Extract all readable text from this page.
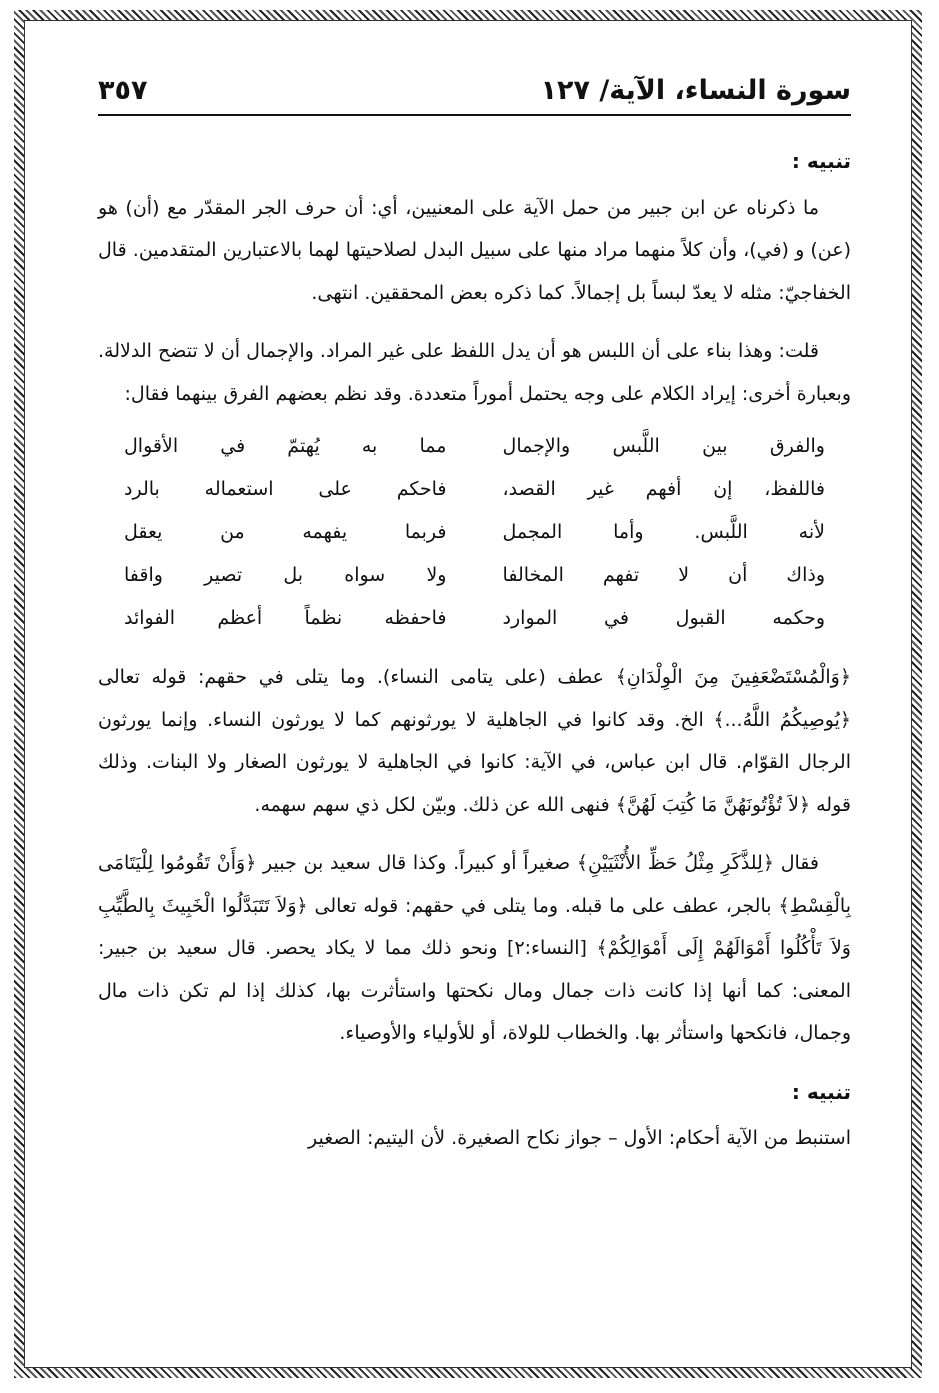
سورة النساء، الآية/ ١٢٧
٣٥٧

تنبيه :

ما ذكرناه عن ابن جبير من حمل الآية على المعنيين، أي: أن حرف الجر المقدّر مع (أن) هو (عن) و (في)، وأن كلاً منهما مراد منها على سبيل البدل لصلاحيتها لهما بالاعتبارين المتقدمين. قال الخفاجيّ: مثله لا يعدّ لبساً بل إجمالاً. كما ذكره بعض المحققين. انتهى.

قلت: وهذا بناء على أن اللبس هو أن يدل اللفظ على غير المراد. والإجمال أن لا تتضح الدلالة. وبعبارة أخرى: إيراد الكلام على وجه يحتمل أموراً متعددة. وقد نظم بعضهم الفرق بينهما فقال:

والفرق بين اللَّبس والإجمال
مما به يُهتمّ في الأقوال
فاللفظ، إن أفهم غير القصد،
فاحكم على استعماله بالرد
لأنه اللَّبس. وأما المجمل
فربما يفهمه من يعقل
وذاك أن لا تفهم المخالفا
ولا سواه بل تصير واقفا
وحكمه القبول في الموارد
فاحفظه نظماً أعظم الفوائد

﴿وَالْمُسْتَضْعَفِينَ مِنَ الْوِلْدَانِ﴾ عطف (على يتامى النساء). وما يتلى في حقهم: قوله تعالى ﴿يُوصِيكُمُ اللَّهُ...﴾ الخ. وقد كانوا في الجاهلية لا يورثونهم كما لا يورثون النساء. وإنما يورثون الرجال القوّام. قال ابن عباس، في الآية: كانوا في الجاهلية لا يورثون الصغار ولا البنات. وذلك قوله ﴿لاَ تُؤْتُونَهُنَّ مَا كُتِبَ لَهُنَّ﴾ فنهى الله عن ذلك. وبيّن لكل ذي سهم سهمه.

فقال ﴿لِلذَّكَرِ مِثْلُ حَظِّ الأُنْثَيَيْنِ﴾ صغيراً أو كبيراً. وكذا قال سعيد بن جبير ﴿وَأَنْ تَقُومُوا لِلْيَتَامَى بِالْقِسْطِ﴾ بالجر، عطف على ما قبله. وما يتلى في حقهم: قوله تعالى ﴿وَلاَ تَتَبَدَّلُوا الْخَبِيثَ بِالطَّيِّبِ وَلاَ تَأْكُلُوا أَمْوَالَهُمْ إِلَى أَمْوَالِكُمْ﴾ [النساء:٢] ونحو ذلك مما لا يكاد يحصر. قال سعيد بن جبير: المعنى: كما أنها إذا كانت ذات جمال ومال نكحتها واستأثرت بها، كذلك إذا لم تكن ذات مال وجمال، فانكحها واستأثر بها. والخطاب للولاة، أو للأولياء والأوصياء.

تنبيه :

استنبط من الآية أحكام: الأول – جواز نكاح الصغيرة. لأن اليتيم: الصغير
